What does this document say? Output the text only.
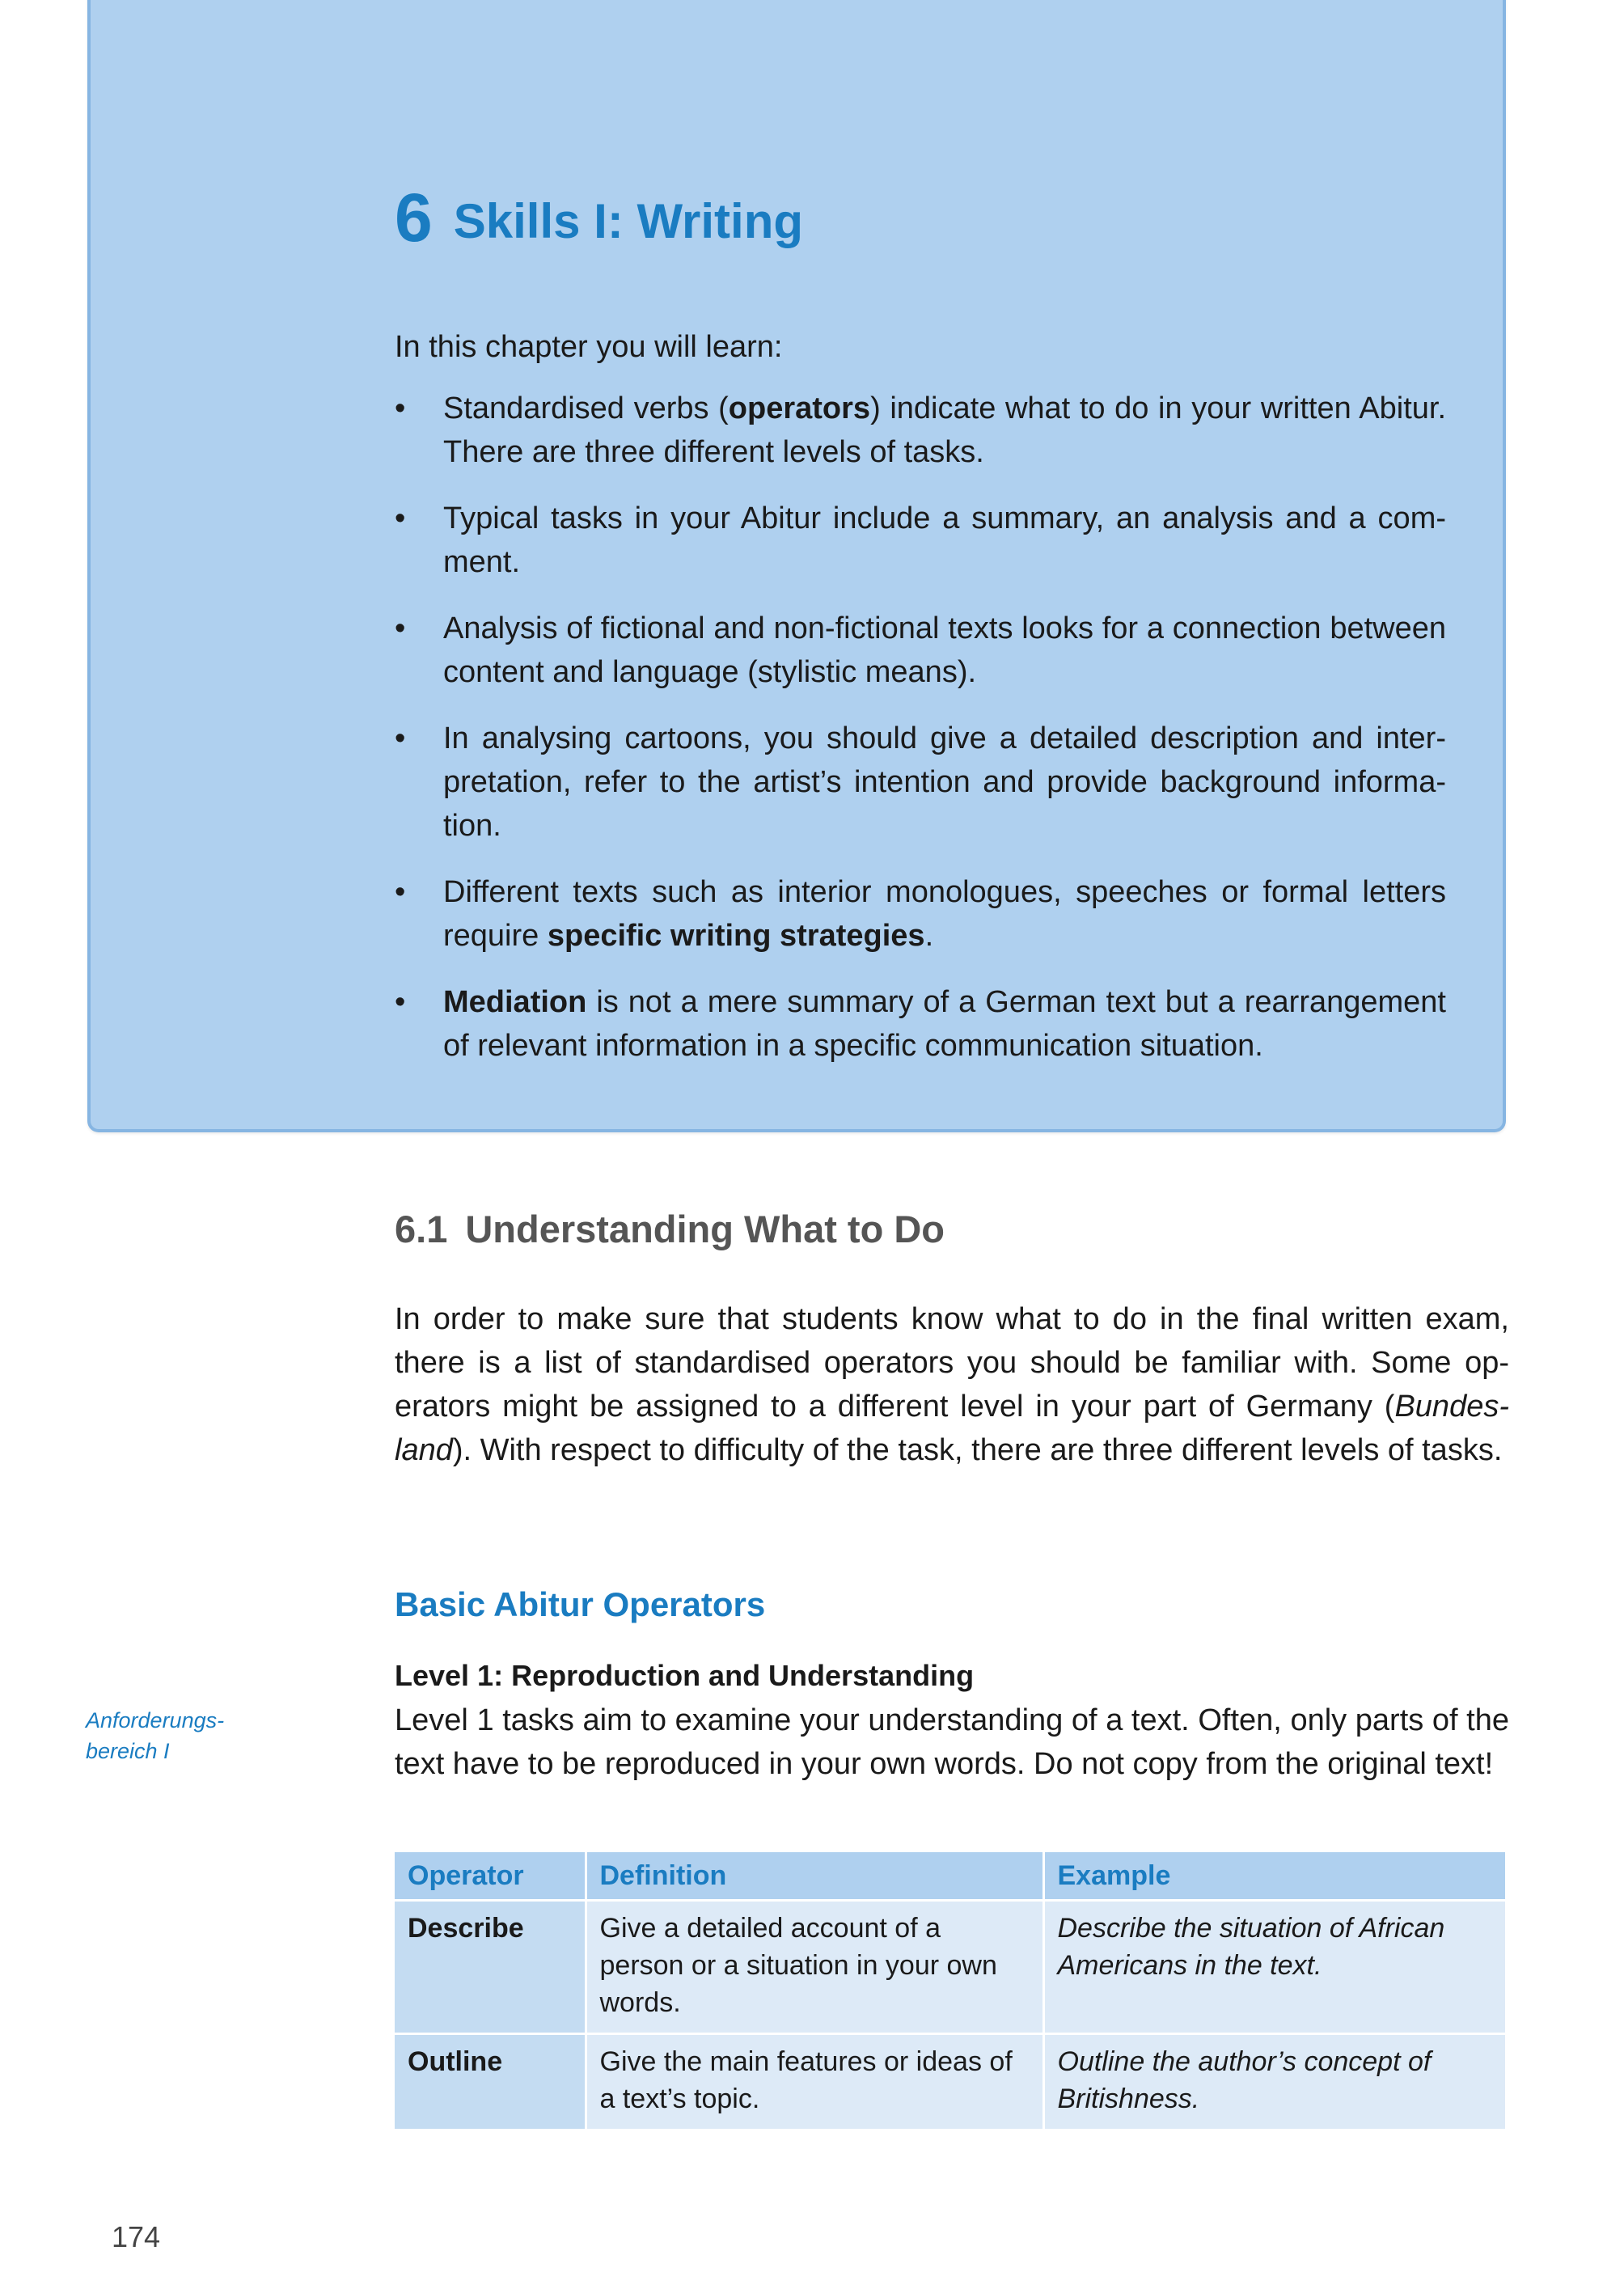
6 Skills I: Writing

In this chapter you will learn:

• Standardised verbs (operators) indicate what to do in your written Abitur. There are three different levels of tasks.
• Typical tasks in your Abitur include a summary, an analysis and a comment.
• Analysis of fictional and non-fictional texts looks for a connection between content and language (stylistic means).
• In analysing cartoons, you should give a detailed description and interpretation, refer to the artist’s intention and provide background information.
• Different texts such as interior monologues, speeches or formal letters require specific writing strategies.
• Mediation is not a mere summary of a German text but a rearrangement of relevant information in a specific communication situation.
6.1 Understanding What to Do

In order to make sure that students know what to do in the final written exam, there is a list of standardised operators you should be familiar with. Some operators might be assigned to a different level in your part of Germany (Bundesland). With respect to difficulty of the task, there are three different levels of tasks.

Basic Abitur Operators
Anforderungs-
bereich I

Level 1: Reproduction and Understanding

Level 1 tasks aim to examine your understanding of a text. Often, only parts of the text have to be reproduced in your own words. Do not copy from the original text!

Operator	Definition	Example
Describe	Give a detailed account of a person or a situation in your own words.	Describe the situation of African Americans in the text.
Outline	Give the main features or ideas of a text’s topic.	Outline the author’s concept of Britishness.
174
